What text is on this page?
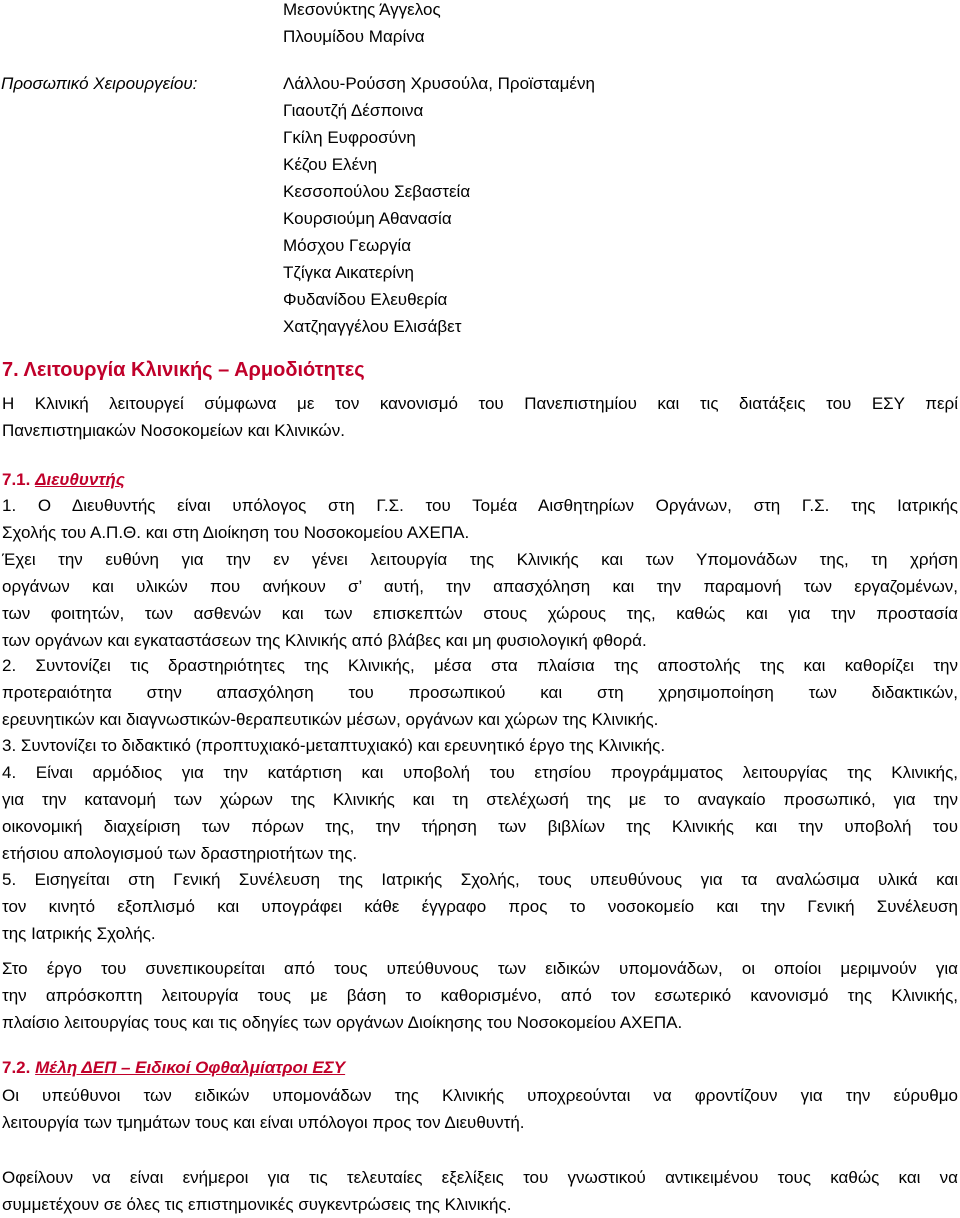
Μεσονύκτης Άγγελος
Πλουμίδου Μαρίνα
Προσωπικό Χειρουργείου:	Λάλλου-Ρούσση Χρυσούλα, Προϊσταμένη
Γιαουτζή Δέσποινα
Γκίλη Ευφροσύνη
Κέζου Ελένη
Κεσσοπούλου Σεβαστεία
Κουρσιούμη Αθανασία
Μόσχου Γεωργία
Τζίγκα Αικατερίνη
Φυδανίδου Ελευθερία
Χατζηαγγέλου Ελισάβετ
7. Λειτουργία Κλινικής – Αρμοδιότητες
Η Κλινική λειτουργεί σύμφωνα με τον κανονισμό του Πανεπιστημίου και τις διατάξεις του ΕΣΥ περί
Πανεπιστημιακών Νοσοκομείων και Κλινικών.
7.1. Διευθυντής
1. Ο Διευθυντής είναι υπόλογος στη Γ.Σ. του Τομέα Αισθητηρίων Οργάνων, στη Γ.Σ. της Ιατρικής
Σχολής του Α.Π.Θ. και στη Διοίκηση του Νοσοκομείου ΑΧΕΠΑ.
Έχει την ευθύνη για την εν γένει λειτουργία της Κλινικής και των Υπομονάδων της, τη χρήση
οργάνων και υλικών που ανήκουν σ’ αυτή, την απασχόληση και την παραμονή των εργαζομένων,
των φοιτητών, των ασθενών και των επισκεπτών στους χώρους της, καθώς και για την προστασία
των οργάνων και εγκαταστάσεων της Κλινικής από βλάβες και μη φυσιολογική φθορά.
2. Συντονίζει τις δραστηριότητες της Κλινικής, μέσα στα πλαίσια της αποστολής της και καθορίζει την
προτεραιότητα στην απασχόληση του προσωπικού και στη χρησιμοποίηση των διδακτικών,
ερευνητικών και διαγνωστικών-θεραπευτικών μέσων, οργάνων και χώρων της Κλινικής.
3. Συντονίζει το διδακτικό (προπτυχιακό-μεταπτυχιακό) και ερευνητικό έργο της Κλινικής.
4. Είναι αρμόδιος για την κατάρτιση και υποβολή του ετησίου προγράμματος λειτουργίας της Κλινικής,
για την κατανομή των χώρων της Κλινικής και τη στελέχωσή της με το αναγκαίο προσωπικό, για την
οικονομική διαχείριση των πόρων της, την τήρηση των βιβλίων της Κλινικής και την υποβολή του
ετήσιου απολογισμού των δραστηριοτήτων της.
5. Εισηγείται στη Γενική Συνέλευση της Ιατρικής Σχολής, τους υπευθύνους για τα αναλώσιμα υλικά και
τον κινητό εξοπλισμό και υπογράφει κάθε έγγραφο προς το νοσοκομείο και την Γενική Συνέλευση
της Ιατρικής Σχολής.
Στο έργο του συνεπικουρείται από τους υπεύθυνους των ειδικών υπομονάδων, οι οποίοι μεριμνούν για
την απρόσκοπτη λειτουργία τους με βάση το καθορισμένο, από τον εσωτερικό κανονισμό της Κλινικής,
πλαίσιο λειτουργίας τους και τις οδηγίες των οργάνων Διοίκησης του Νοσοκομείου ΑΧΕΠΑ.
7.2. Μέλη ΔΕΠ – Ειδικοί Οφθαλμίατροι ΕΣΥ
Οι υπεύθυνοι των ειδικών υπομονάδων της Κλινικής υποχρεούνται να φροντίζουν για την εύρυθμο
λειτουργία των τμημάτων τους και είναι υπόλογοι προς τον Διευθυντή.
Οφείλουν να είναι ενήμεροι για τις τελευταίες εξελίξεις του γνωστικού αντικειμένου τους καθώς και να
συμμετέχουν σε όλες τις επιστημονικές συγκεντρώσεις της Κλινικής.
